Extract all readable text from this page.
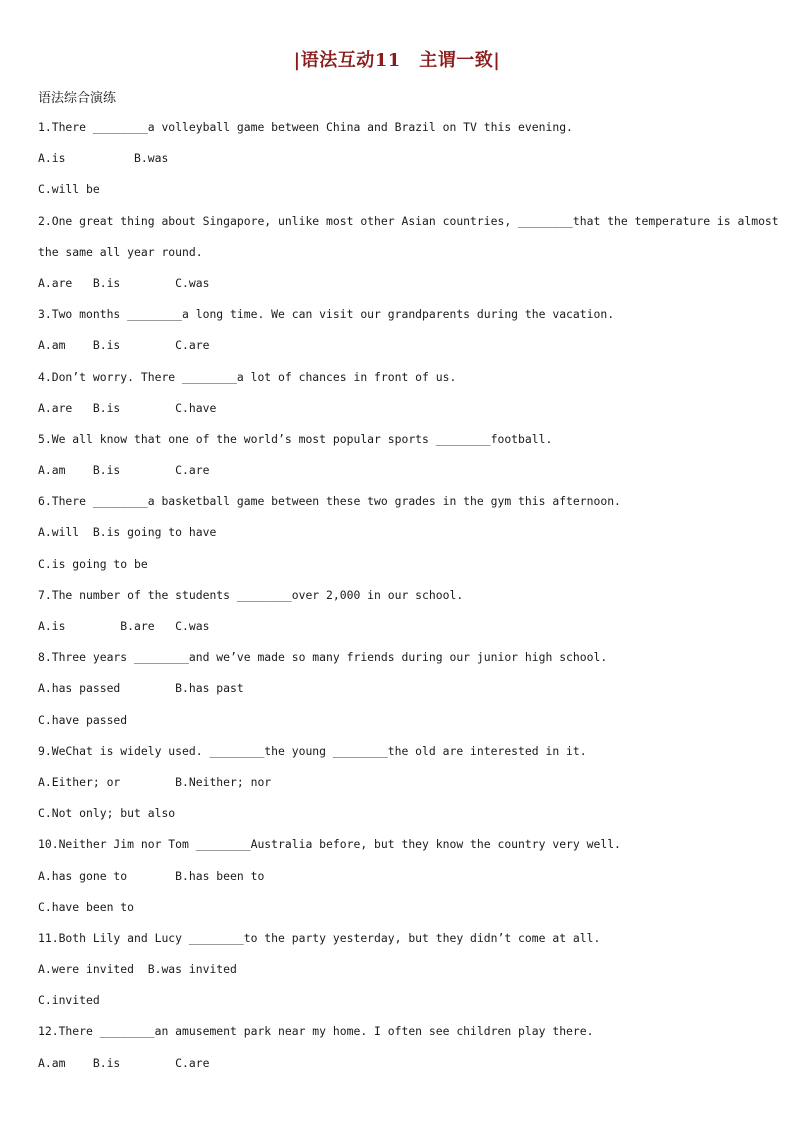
|语法互动11　主谓一致|
语法综合演练
1.There ________a volleyball game between China and Brazil on TV this evening.
A.is          B.was
C.will be
2.One great thing about Singapore, unlike most other Asian countries, ________that the temperature is almost
the same all year round.
A.are   B.is        C.was
3.Two months ________a long time. We can visit our grandparents during the vacation.
A.am    B.is        C.are
4.Don’t worry. There ________a lot of chances in front of us.
A.are   B.is        C.have
5.We all know that one of the world’s most popular sports ________football.
A.am    B.is        C.are
6.There ________a basketball game between these two grades in the gym this afternoon.
A.will  B.is going to have
C.is going to be
7.The number of the students ________over 2,000 in our school.
A.is        B.are   C.was
8.Three years ________and we’ve made so many friends during our junior high school.
A.has passed        B.has past
C.have passed
9.WeChat is widely used. ________the young ________the old are interested in it.
A.Either; or        B.Neither; nor
C.Not only; but also
10.Neither Jim nor Tom ________Australia before, but they know the country very well.
A.has gone to       B.has been to
C.have been to
11.Both Lily and Lucy ________to the party yesterday, but they didn’t come at all.
A.were invited  B.was invited
C.invited
12.There ________an amusement park near my home. I often see children play there.
A.am    B.is        C.are
